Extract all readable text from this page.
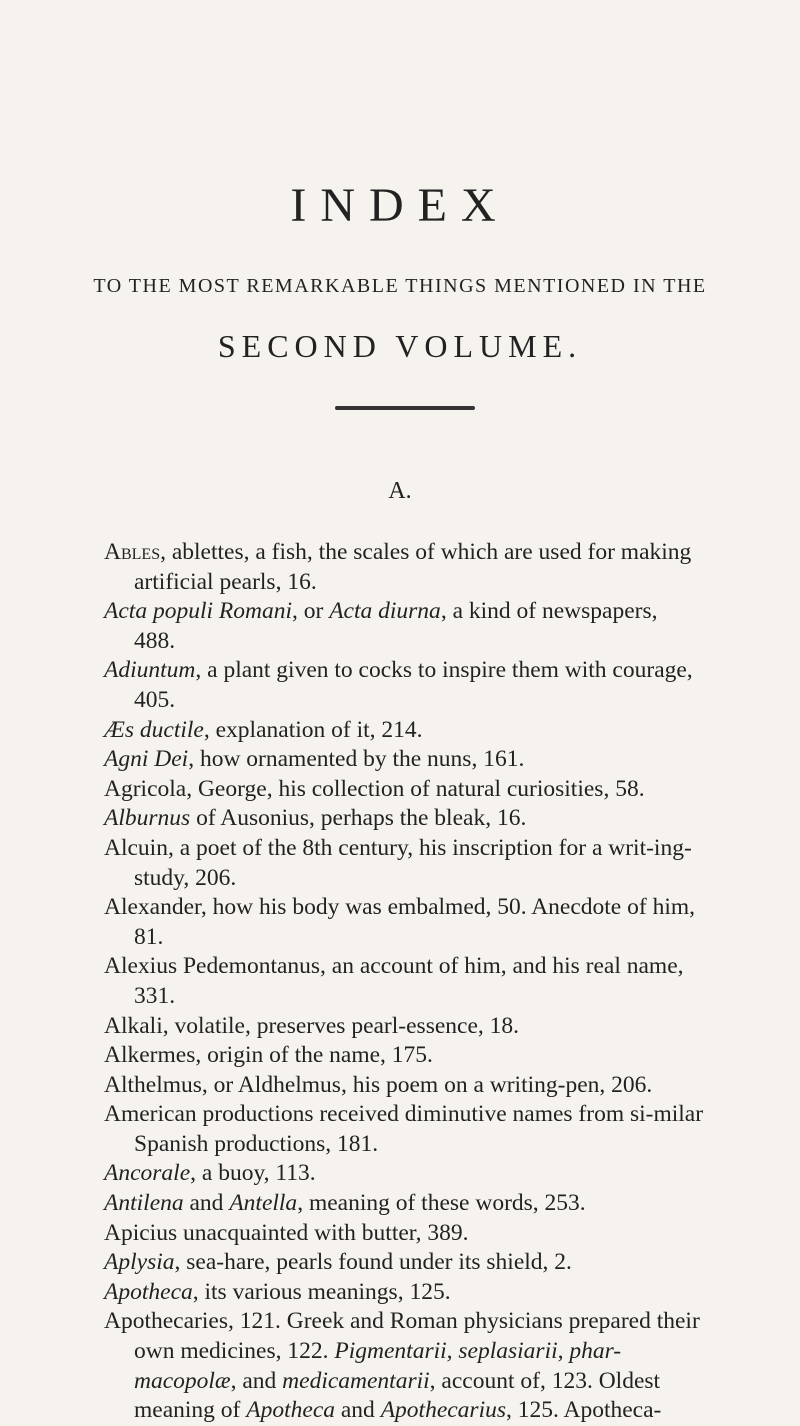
INDEX
TO THE MOST REMARKABLE THINGS MENTIONED IN THE
SECOND VOLUME.
A.

Ables, ablettes, a fish, the scales of which are used for making artificial pearls, 16.

Acta populi Romani, or Acta diurna, a kind of newspapers, 488.

Adiuntum, a plant given to cocks to inspire them with courage, 405.

Æs ductile, explanation of it, 214.

Agni Dei, how ornamented by the nuns, 161.

Agricola, George, his collection of natural curiosities, 58.

Alburnus of Ausonius, perhaps the bleak, 16.

Alcuin, a poet of the 8th century, his inscription for a writ-ing-study, 206.

Alexander, how his body was embalmed, 50. Anecdote of him, 81.

Alexius Pedemontanus, an account of him, and his real name, 331.

Alkali, volatile, preserves pearl-essence, 18.

Alkermes, origin of the name, 175.

Althelmus, or Aldhelmus, his poem on a writing-pen, 206.

American productions received diminutive names from si-milar Spanish productions, 181.

Ancorale, a buoy, 113.

Antilena and Antella, meaning of these words, 253.

Apicius unacquainted with butter, 389.

Aplysia, sea-hare, pearls found under its shield, 2.

Apotheca, its various meanings, 125.

Apothecaries, 121. Greek and Roman physicians prepared their own medicines, 122. Pigmentarii, seplasiarii, phar-macopolæ, and medicamentarii, account of, 123. Oldest meaning of Apotheca and Apothecarius, 125. Apotheca-
